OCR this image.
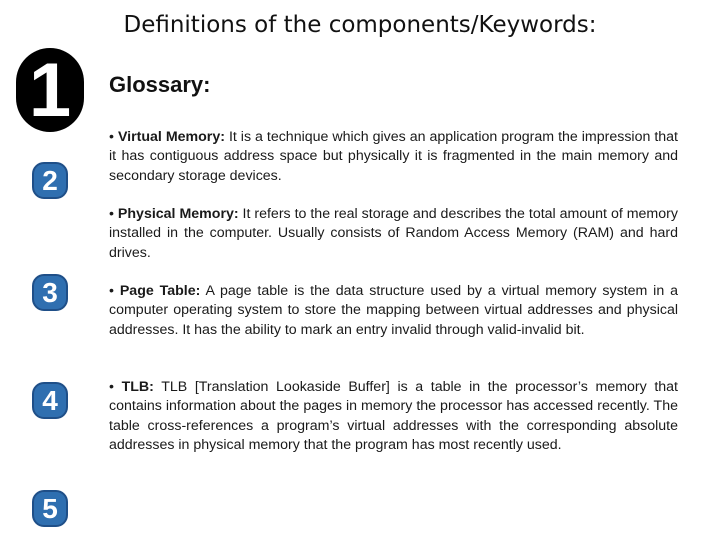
Definitions of the components/Keywords:
1
2
3
4
5
Glossary:
• Virtual Memory: It is a technique which gives an application program the impression that it has contiguous address space but physically it is fragmented in the main memory and secondary storage devices.
• Physical Memory: It refers to the real storage and describes the total amount of memory installed in the computer. Usually consists of Random Access Memory (RAM) and hard drives.
• Page Table: A page table is the data structure used by a virtual memory system in a computer operating system to store the mapping between virtual addresses and physical addresses. It has the ability to mark an entry invalid through valid-invalid bit.
• TLB: TLB [Translation Lookaside Buffer] is a table in the processor’s memory that contains information about the pages in memory the processor has accessed recently. The table cross-references a program’s virtual addresses with the corresponding absolute addresses in physical memory that the program has most recently used.
